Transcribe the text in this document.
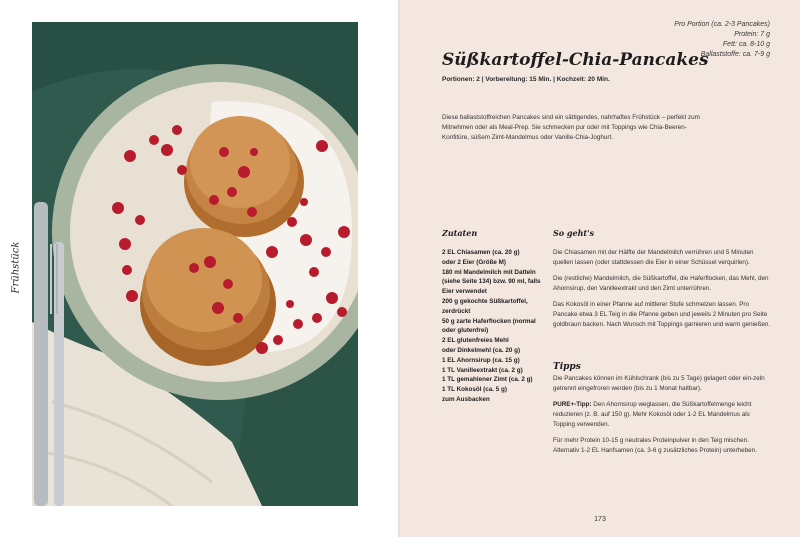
Frühstück
Pro Portion (ca. 2-3 Pancakes)
Protein: 7 g
Fett: ca. 8-10 g
Ballaststoffe: ca. 7-9 g
Süßkartoffel-Chia-Pancakes
Portionen: 2 | Vorbereitung: 15 Min. | Kochzeit: 20 Min.

Diese ballaststoffreichen Pancakes sind ein sättigendes, nahrhaftes Frühstück – perfekt zum

Mitnehmen oder als Meal-Prep. Sie schmecken pur oder mit Toppings wie Chia-Beeren-

Konfitüre, süßem Zimt-Mandelmus oder Vanille-Chia-Joghurt.

Zutaten
2 EL Chiasamen (ca. 20 g)
oder 2 Eier (Größe M)
180 ml Mandelmilch mit Datteln
(siehe Seite 134) bzw. 90 ml, falls
Eier verwendet
200 g gekochte Süßkartoffel,
zerdrückt
50 g zarte Haferflocken (normal
oder glutenfrei)
2 EL glutenfreies Mehl
oder Dinkelmehl (ca. 20 g)
1 EL Ahornsirup (ca. 15 g)
1 TL Vanilleextrakt (ca. 2 g)
1 TL gemahlener Zimt (ca. 2 g)
1 TL Kokosöl (ca. 5 g)
zum Ausbacken
So geht's

Die Chiasamen mit der Hälfte der Mandelmilch verrühren und 5 Minuten quellen lassen (oder stattdessen die Eier in einer Schüssel verquirlen).

Die (restliche) Mandelmilch, die Süßkartoffel, die Haferflocken, das Mehl, den Ahornsirup, den Vanilleextrakt und den Zimt unterrühren.

Das Kokosöl in einer Pfanne auf mittlerer Stufe schmelzen lassen. Pro Pancake etwa 3 EL Teig in die Pfanne geben und jeweils 2 Minuten pro Seite goldbraun backen. Nach Wunsch mit Toppings garnieren und warm genießen.

Tipps

Die Pancakes können im Kühlschrank (bis zu 5 Tage) gelagert oder ein-zeln getrennt eingefroren werden (bis zu 1 Monat haltbar).

PURE+-Tipp: Den Ahornsirup weglassen, die Süßkartoffelmenge leicht reduzieren (z. B. auf 150 g). Mehr Kokosöl oder 1-2 EL Mandelmus als Topping verwenden.

Für mehr Protein 10-15 g neutrales Proteinpulver in den Teig mischen. Alternativ 1-2 EL Hanfsamen (ca. 3-6 g zusätzliches Protein) unterheben.

173
